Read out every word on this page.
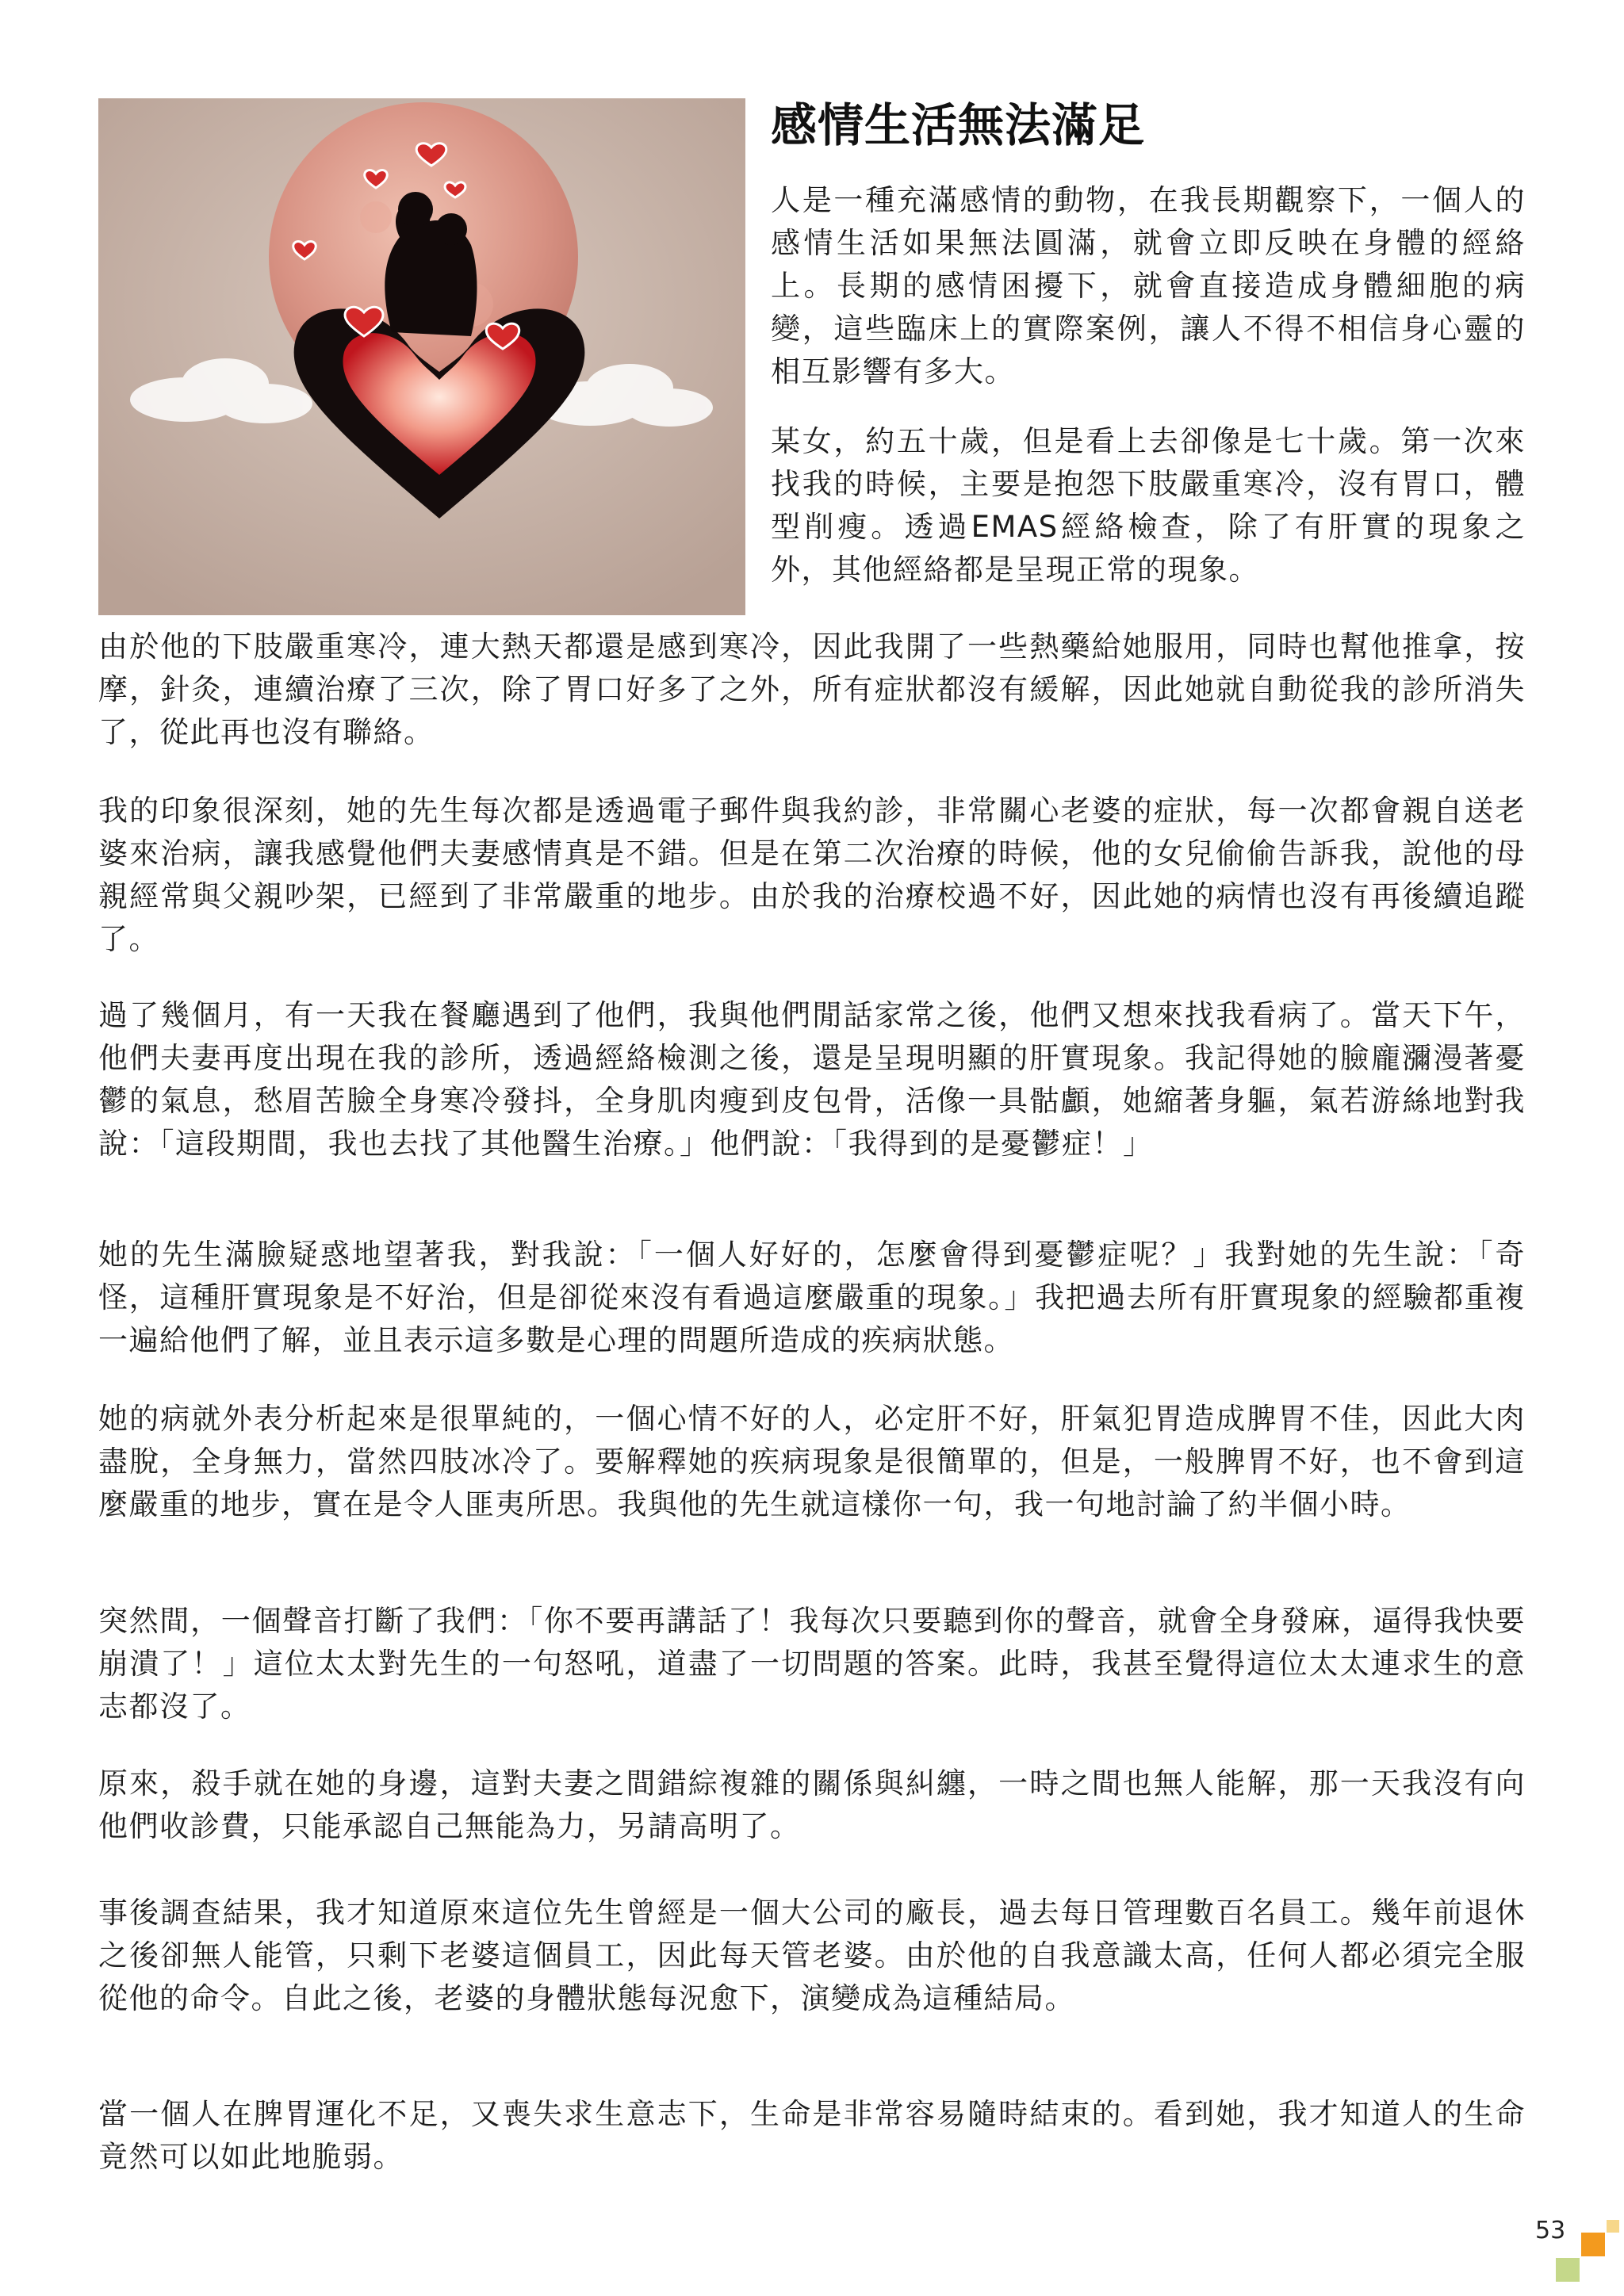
感情生活無法滿足

人是一種充滿感情的動物，在我長期觀察下，一個人的感情生活如果無法圓滿，就會立即反映在身體的經絡上。長期的感情困擾下，就會直接造成身體細胞的病變，這些臨床上的實際案例，讓人不得不相信身心靈的相互影響有多大。

某女，約五十歲，但是看上去卻像是七十歲。第一次來找我的時候，主要是抱怨下肢嚴重寒冷，沒有胃口，體型削瘦。透過EMAS經絡檢查，除了有肝實的現象之外，其他經絡都是呈現正常的現象。

由於他的下肢嚴重寒冷，連大熱天都還是感到寒冷，因此我開了一些熱藥給她服用，同時也幫他推拿，按摩，針灸，連續治療了三次，除了胃口好多了之外，所有症狀都沒有緩解，因此她就自動從我的診所消失了，從此再也沒有聯絡。

我的印象很深刻，她的先生每次都是透過電子郵件與我約診，非常關心老婆的症狀，每一次都會親自送老婆來治病，讓我感覺他們夫妻感情真是不錯。但是在第二次治療的時候，他的女兒偷偷告訴我，說他的母親經常與父親吵架，已經到了非常嚴重的地步。由於我的治療校過不好，因此她的病情也沒有再後續追蹤了。

過了幾個月，有一天我在餐廳遇到了他們，我與他們閒話家常之後，他們又想來找我看病了。當天下午，他們夫妻再度出現在我的診所，透過經絡檢測之後，還是呈現明顯的肝實現象。我記得她的臉龐瀰漫著憂鬱的氣息，愁眉苦臉全身寒冷發抖，全身肌肉瘦到皮包骨，活像一具骷顱，她縮著身軀，氣若游絲地對我說：「這段期間，我也去找了其他醫生治療。」他們說：「我得到的是憂鬱症！」

她的先生滿臉疑惑地望著我，對我說：「一個人好好的，怎麼會得到憂鬱症呢？」我對她的先生說：「奇怪，這種肝實現象是不好治，但是卻從來沒有看過這麼嚴重的現象。」我把過去所有肝實現象的經驗都重複一遍給他們了解，並且表示這多數是心理的問題所造成的疾病狀態。

她的病就外表分析起來是很單純的，一個心情不好的人，必定肝不好，肝氣犯胃造成脾胃不佳，因此大肉盡脫，全身無力，當然四肢冰冷了。要解釋她的疾病現象是很簡單的，但是，一般脾胃不好，也不會到這麼嚴重的地步，實在是令人匪夷所思。我與他的先生就這樣你一句，我一句地討論了約半個小時。

突然間，一個聲音打斷了我們：「你不要再講話了！我每次只要聽到你的聲音，就會全身發麻，逼得我快要崩潰了！」這位太太對先生的一句怒吼，道盡了一切問題的答案。此時，我甚至覺得這位太太連求生的意志都沒了。

原來，殺手就在她的身邊，這對夫妻之間錯綜複雜的關係與糾纏，一時之間也無人能解，那一天我沒有向他們收診費，只能承認自己無能為力，另請高明了。

事後調查結果，我才知道原來這位先生曾經是一個大公司的廠長，過去每日管理數百名員工。幾年前退休之後卻無人能管，只剩下老婆這個員工，因此每天管老婆。由於他的自我意識太高，任何人都必須完全服從他的命令。自此之後，老婆的身體狀態每況愈下，演變成為這種結局。

當一個人在脾胃運化不足，又喪失求生意志下，生命是非常容易隨時結束的。看到她，我才知道人的生命竟然可以如此地脆弱。

53
